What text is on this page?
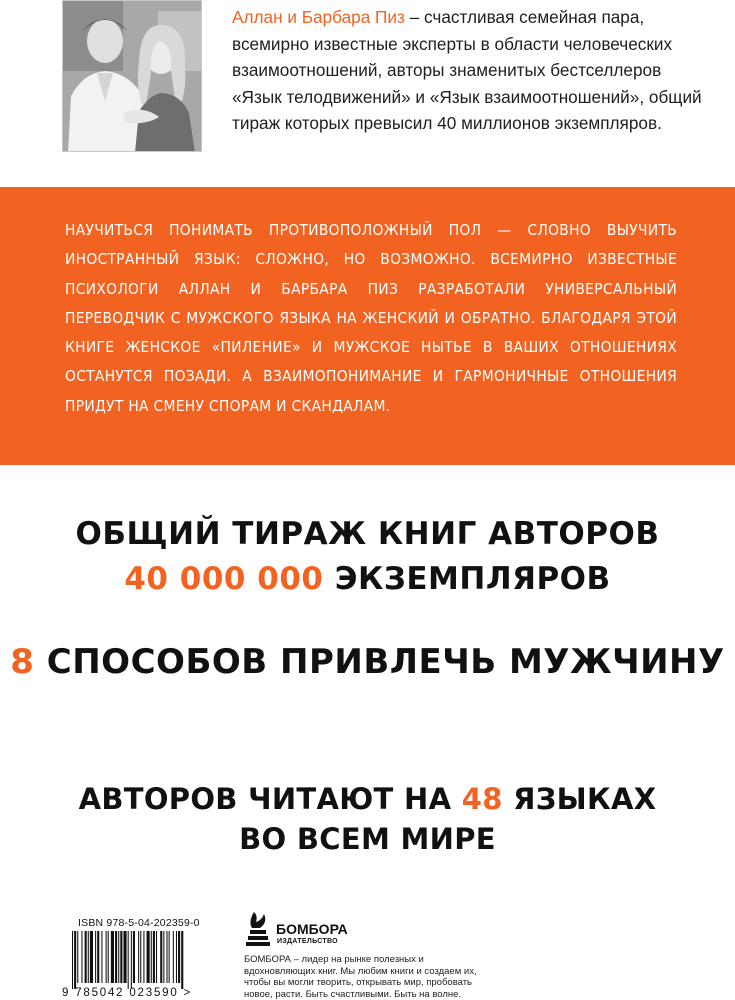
Аллан и Барбара Пиз – счастливая семейная пара, всемирно известные эксперты в области человеческих взаимоотношений, авторы знаменитых бестселлеров «Язык телодвижений» и «Язык взаимоотношений», общий тираж которых превысил 40 миллионов экземпляров.
НАУЧИТЬСЯ ПОНИМАТЬ ПРОТИВОПОЛОЖНЫЙ ПОЛ — СЛОВНО ВЫУЧИТЬ ИНОСТРАННЫЙ ЯЗЫК: СЛОЖНО, НО ВОЗМОЖНО. ВСЕМИРНО ИЗВЕСТНЫЕ ПСИХОЛОГИ АЛЛАН И БАРБАРА ПИЗ РАЗРАБОТАЛИ УНИВЕРСАЛЬНЫЙ ПЕРЕВОДЧИК С МУЖСКОГО ЯЗЫКА НА ЖЕНСКИЙ И ОБРАТНО. БЛАГОДАРЯ ЭТОЙ КНИГЕ ЖЕНСКОЕ «ПИЛЕНИЕ» И МУЖСКОЕ НЫТЬЕ В ВАШИХ ОТНОШЕНИЯХ ОСТАНУТСЯ ПОЗАДИ. А ВЗАИМОПОНИМАНИЕ И ГАРМОНИЧНЫЕ ОТНОШЕНИЯ ПРИДУТ НА СМЕНУ СПОРАМ И СКАНДАЛАМ.
ОБЩИЙ ТИРАЖ КНИГ АВТОРОВ
40 000 000 ЭКЗЕМПЛЯРОВ
8 СПОСОБОВ ПРИВЛЕЧЬ МУЖЧИНУ
АВТОРОВ ЧИТАЮТ НА 48 ЯЗЫКАХ
ВО ВСЕМ МИРЕ
ISBN 978-5-04-202359-0
9 785042 023590 >
БОМБОРА
ИЗДАТЕЛЬСТВО
БОМБОРА – лидер на рынке полезных и вдохновляющих книг. Мы любим книги и создаем их, чтобы вы могли творить, открывать мир, пробовать новое, расти. Быть счастливыми. Быть на волне.
